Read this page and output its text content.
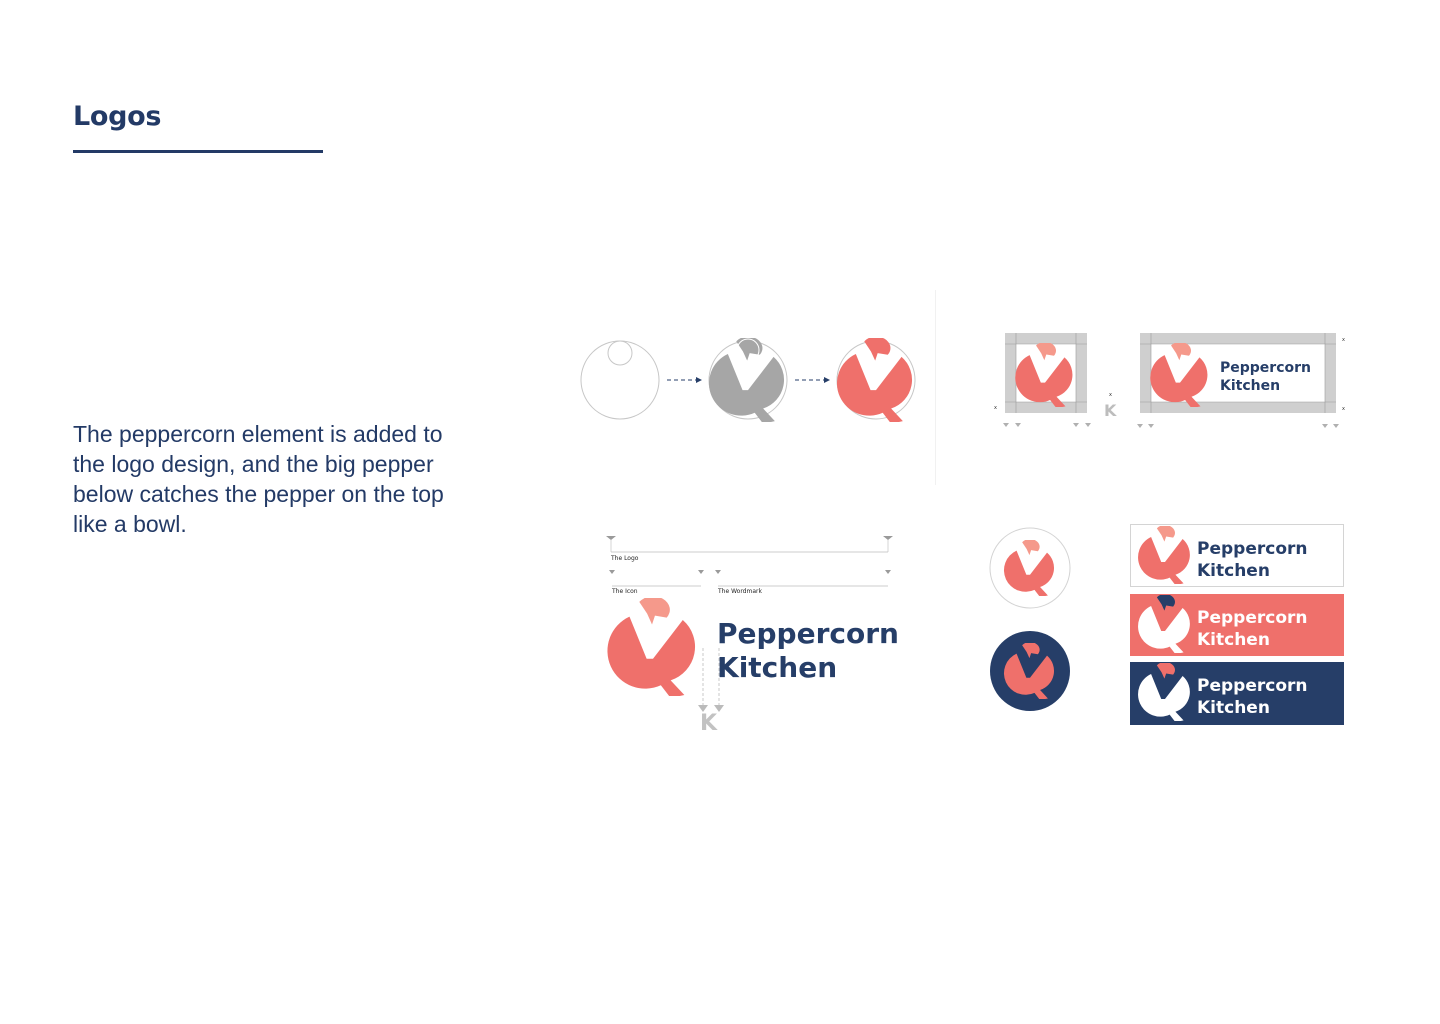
Logos

The peppercorn element is added to the logo design, and the big pepper below catches the pepper on the top like a bowl.

x
x
K
Peppercorn
Kitchen
x
x
The Logo
The Icon	The Wordmark
Peppercorn
Kitchen
K
Peppercorn
Kitchen
Peppercorn
Kitchen
Peppercorn
Kitchen
